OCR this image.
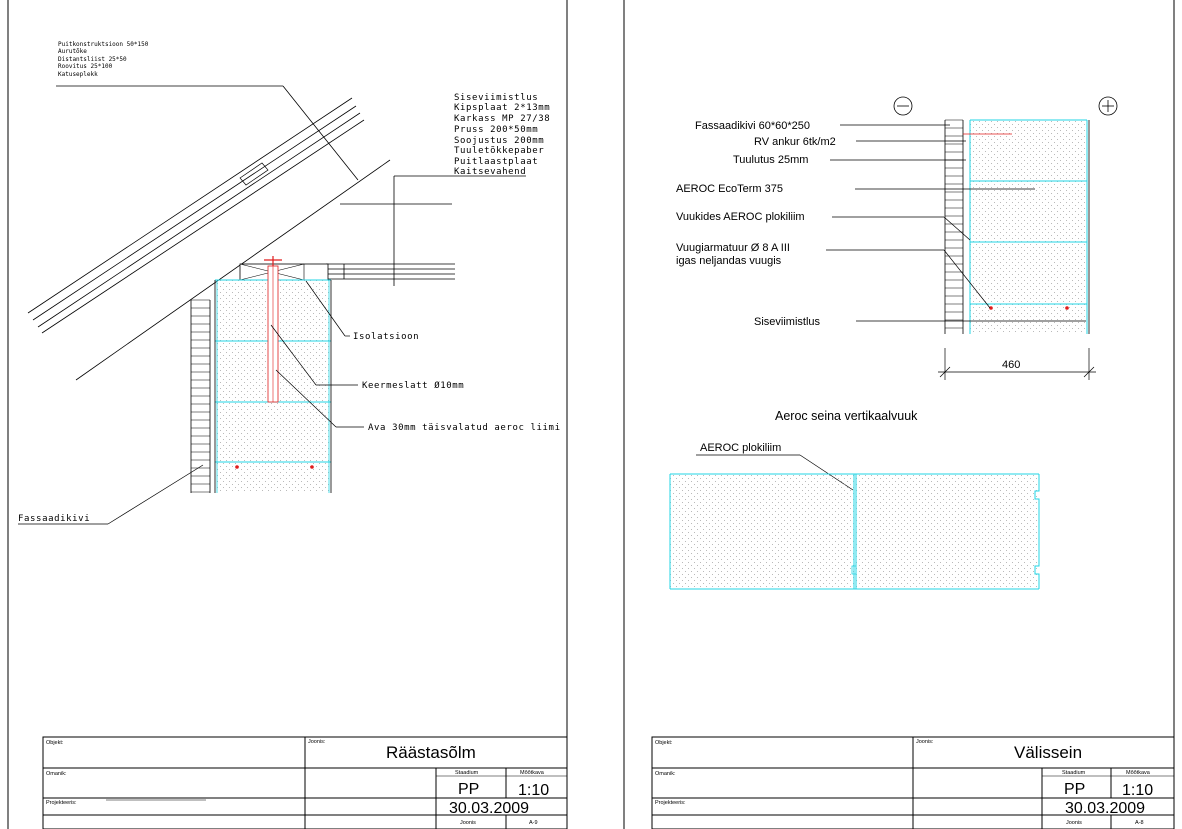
Puitkonstruktsioon 50*150
Aurutõke
Distantsliist 25*50
Roovitus 25*100
Katuseplekk
Siseviimistlus
Kipsplaat 2*13mm
Karkass MP 27/38
Pruss 200*50mm
Soojustus 200mm
Tuuletõkkepaber
Puitlaastplaat
Kaitsevahend
Isolatsioon
Keermeslatt Ø10mm
Ava 30mm täisvalatud aeroc liimi
Fassaadikivi
Objekt:	Joonis:
Räästasõlm
Omanik:
Projekteeris:
Staadium	Mõõtkava
PP 1:10
30.03.2009
Joonis	A-9
460
Fassaadikivi 60*60*250
RV ankur 6tk/m2
Tuulutus 25mm
AEROC EcoTerm 375
Vuukides AEROC plokiliim
Vuugiarmatuur Ø 8 A III
igas neljandas vuugis
Siseviimistlus
Aeroc seina vertikaalvuuk
AEROC plokiliim
Objekt:	Joonis:
Välissein
Omanik:
Projekteeris:
Staadium	Mõõtkava
PP 1:10
30.03.2009
Joonis	A-8
